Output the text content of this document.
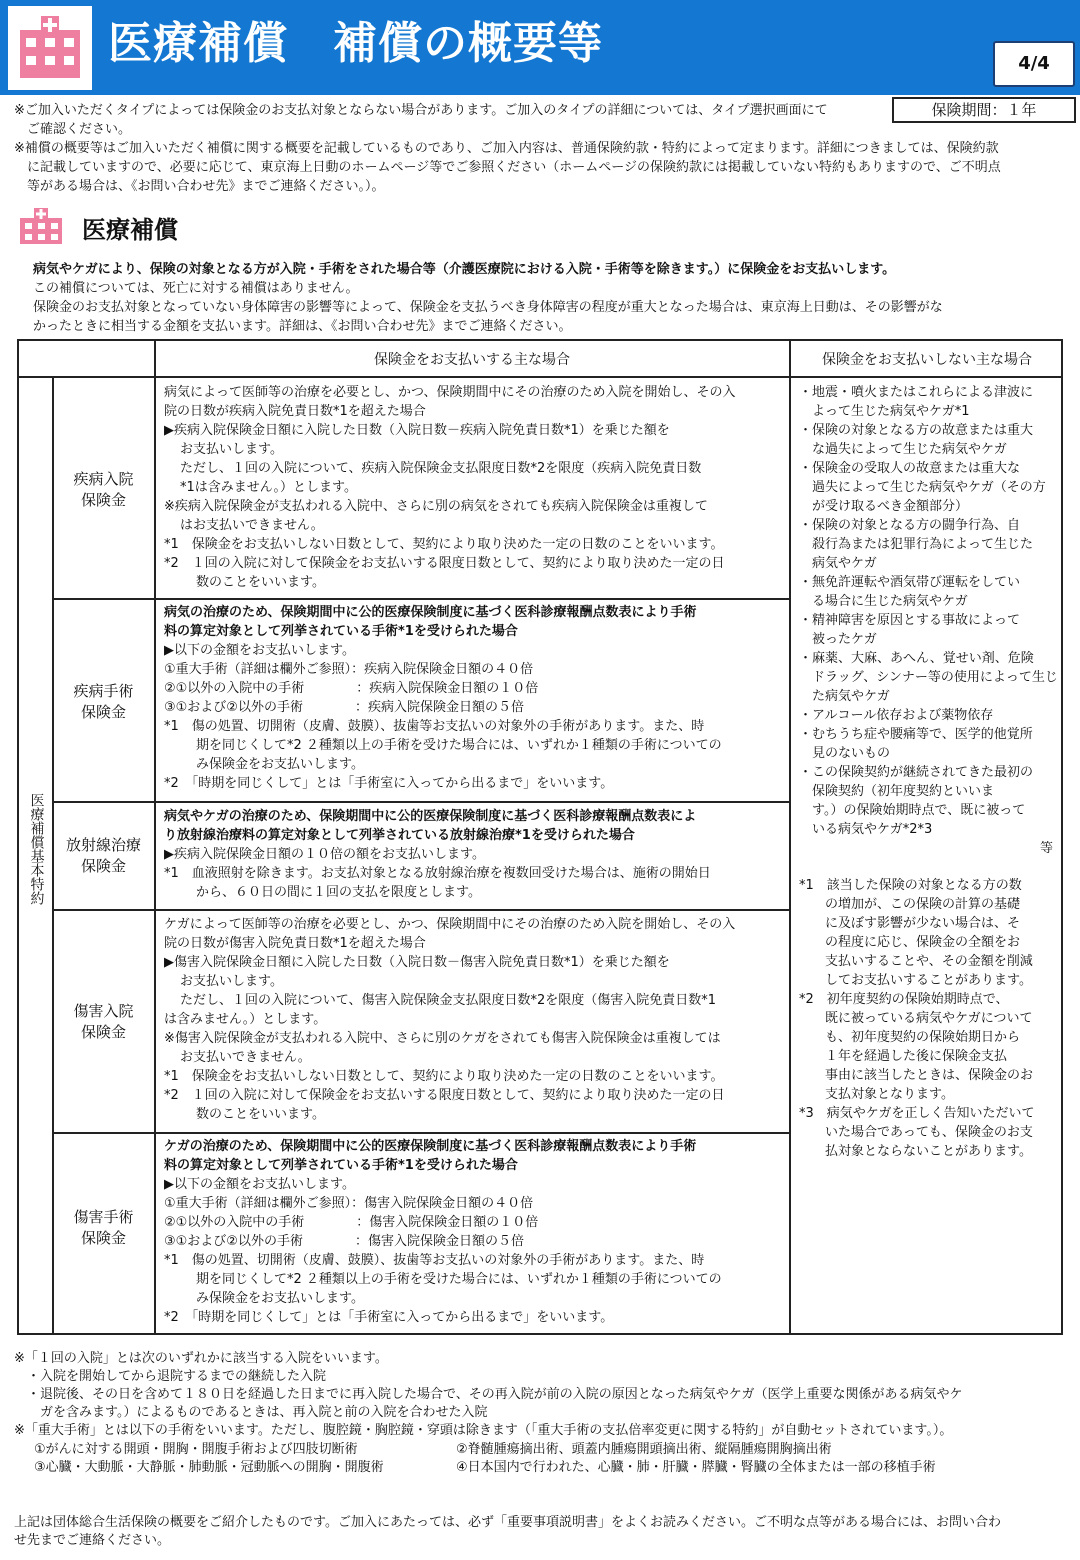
医療補償　補償の概要等	4/4
※ご加入いただくタイプによっては保険金のお支払対象とならない場合があります。ご加入のタイプの詳細については、タイプ選択画面にて
　ご確認ください。
※補償の概要等はご加入いただく補償に関する概要を記載しているものであり、ご加入内容は、普通保険約款・特約によって定まります。詳細につきましては、保険約款
　に記載していますので、必要に応じて、東京海上日動のホームページ等でご参照ください（ホームページの保険約款には掲載していない特約もありますので、ご不明点
　等がある場合は、《お問い合わせ先》までご連絡ください。）。
保険期間：１年
医療補償
病気やケガにより、保険の対象となる方が入院・手術をされた場合等（介護医療院における入院・手術等を除きます。）に保険金をお支払いします。
この補償については、死亡に対する補償はありません。
保険金のお支払対象となっていない身体障害の影響等によって、保険金を支払うべき身体障害の程度が重大となった場合は、東京海上日動は、その影響がな
かったときに相当する金額を支払います。詳細は、《お問い合わせ先》までご連絡ください。
保険金をお支払いする主な場合	保険金をお支払いしない主な場合
医療補償基本特約
疾病入院
保険金
病気によって医師等の治療を必要とし、かつ、保険期間中にその治療のため入院を開始し、その入
院の日数が疾病入院免責日数*1を超えた場合
▶疾病入院保険金日額に入院した日数（入院日数－疾病入院免責日数*1）を乗じた額を
お支払いします。
ただし、１回の入院について、疾病入院保険金支払限度日数*2を限度（疾病入院免責日数
*1は含みません。）とします。
※疾病入院保険金が支払われる入院中、さらに別の病気をされても疾病入院保険金は重複して
はお支払いできません。
*1　保険金をお支払いしない日数として、契約により取り決めた一定の日数のことをいいます。
*2　１回の入院に対して保険金をお支払いする限度日数として、契約により取り決めた一定の日
数のことをいいます。
疾病手術
保険金
病気の治療のため、保険期間中に公的医療保険制度に基づく医科診療報酬点数表により手術
料の算定対象として列挙されている手術*1を受けられた場合
▶以下の金額をお支払いします。
①重大手術（詳細は欄外ご参照）：疾病入院保険金日額の４０倍
②①以外の入院中の手術　　　　：疾病入院保険金日額の１０倍
③①および②以外の手術　　　　：疾病入院保険金日額の５倍
*1　傷の処置、切開術（皮膚、鼓膜）、抜歯等お支払いの対象外の手術があります。また、時
期を同じくして*2 ２種類以上の手術を受けた場合には、いずれか１種類の手術についての
み保険金をお支払いします。
*2　「時期を同じくして」とは「手術室に入ってから出るまで」をいいます。
放射線治療
保険金
病気やケガの治療のため、保険期間中に公的医療保険制度に基づく医科診療報酬点数表によ
り放射線治療料の算定対象として列挙されている放射線治療*1を受けられた場合
▶疾病入院保険金日額の１０倍の額をお支払いします。
*1　血液照射を除きます。お支払対象となる放射線治療を複数回受けた場合は、施術の開始日
から、６０日の間に１回の支払を限度とします。
傷害入院
保険金
ケガによって医師等の治療を必要とし、かつ、保険期間中にその治療のため入院を開始し、その入
院の日数が傷害入院免責日数*1を超えた場合
▶傷害入院保険金日額に入院した日数（入院日数－傷害入院免責日数*1）を乗じた額を
お支払いします。
ただし、１回の入院について、傷害入院保険金支払限度日数*2を限度（傷害入院免責日数*1
は含みません。）とします。
※傷害入院保険金が支払われる入院中、さらに別のケガをされても傷害入院保険金は重複しては
お支払いできません。
*1　保険金をお支払いしない日数として、契約により取り決めた一定の日数のことをいいます。
*2　１回の入院に対して保険金をお支払いする限度日数として、契約により取り決めた一定の日
数のことをいいます。
傷害手術
保険金
ケガの治療のため、保険期間中に公的医療保険制度に基づく医科診療報酬点数表により手術
料の算定対象として列挙されている手術*1を受けられた場合
▶以下の金額をお支払いします。
①重大手術（詳細は欄外ご参照）：傷害入院保険金日額の４０倍
②①以外の入院中の手術　　　　：傷害入院保険金日額の１０倍
③①および②以外の手術　　　　：傷害入院保険金日額の５倍
*1　傷の処置、切開術（皮膚、鼓膜）、抜歯等お支払いの対象外の手術があります。また、時
期を同じくして*2 ２種類以上の手術を受けた場合には、いずれか１種類の手術についての
み保険金をお支払いします。
*2　「時期を同じくして」とは「手術室に入ってから出るまで」をいいます。
・地震・噴火またはこれらによる津波に
　よって生じた病気やケガ*1
・保険の対象となる方の故意または重大
　な過失によって生じた病気やケガ
・保険金の受取人の故意または重大な
　過失によって生じた病気やケガ（その方
　が受け取るべき金額部分）
・保険の対象となる方の闘争行為、自
　殺行為または犯罪行為によって生じた
　病気やケガ
・無免許運転や酒気帯び運転をしてい
　る場合に生じた病気やケガ
・精神障害を原因とする事故によって
　被ったケガ
・麻薬、大麻、あへん、覚せい剤、危険
　ドラッグ、シンナー等の使用によって生じ
　た病気やケガ
・アルコール依存および薬物依存
・むちうち症や腰痛等で、医学的他覚所
　見のないもの
・この保険契約が継続されてきた最初の
　保険契約（初年度契約といいま
　す。）の保険始期時点で、既に被って
　いる病気やケガ*2*3
等
*1　該当した保険の対象となる方の数
　　の増加が、この保険の計算の基礎
　　に及ぼす影響が少ない場合は、そ
　　の程度に応じ、保険金の全額をお
　　支払いすることや、その金額を削減
　　してお支払いすることがあります。
*2　初年度契約の保険始期時点で、
　　既に被っている病気やケガについて
　　も、初年度契約の保険始期日から
　　１年を経過した後に保険金支払
　　事由に該当したときは、保険金のお
　　支払対象となります。
*3　病気やケガを正しく告知いただいて
　　いた場合であっても、保険金のお支
　　払対象とならないことがあります。
※「１回の入院」とは次のいずれかに該当する入院をいいます。
　・入院を開始してから退院するまでの継続した入院
　・退院後、その日を含めて１８０日を経過した日までに再入院した場合で、その再入院が前の入院の原因となった病気やケガ（医学上重要な関係がある病気やケ
　　ガを含みます。）によるものであるときは、再入院と前の入院を合わせた入院
※「重大手術」とは以下の手術をいいます。ただし、腹腔鏡・胸腔鏡・穿頭は除きます（「重大手術の支払倍率変更に関する特約」が自動セットされています。）。
①がんに対する開頭・開胸・開腹手術および四肢切断術
③心臓・大動脈・大静脈・肺動脈・冠動脈への開胸・開腹術
②脊髄腫瘍摘出術、頭蓋内腫瘍開頭摘出術、縦隔腫瘍開胸摘出術
④日本国内で行われた、心臓・肺・肝臓・膵臓・腎臓の全体または一部の移植手術
上記は団体総合生活保険の概要をご紹介したものです。ご加入にあたっては、必ず「重要事項説明書」をよくお読みください。ご不明な点等がある場合には、お問い合わ
せ先までご連絡ください。
